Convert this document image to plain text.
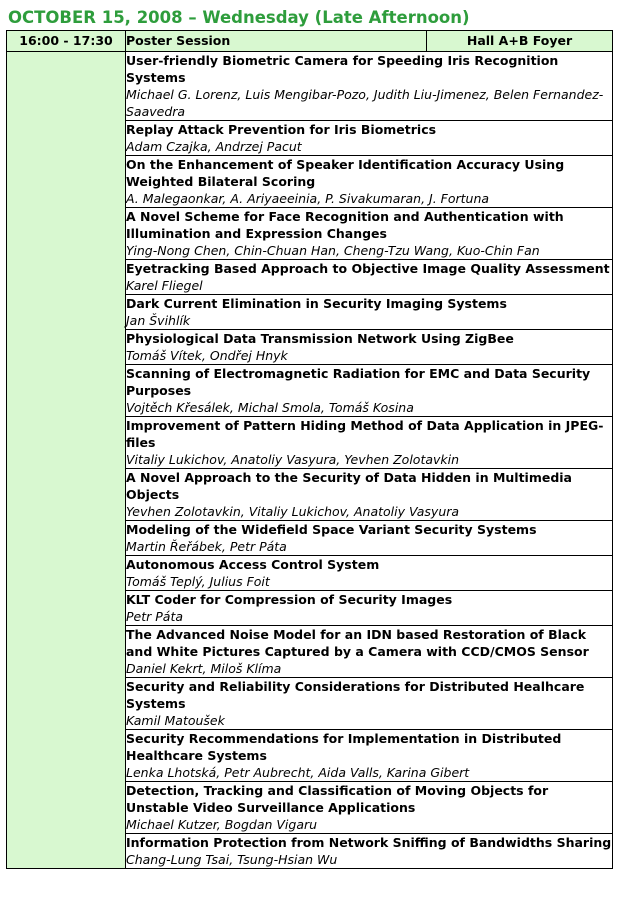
OCTOBER 15, 2008 – Wednesday (Late Afternoon)
16:00 - 17:30	Poster Session	Hall A+B Foyer

	User-friendly Biometric Camera for Speeding Iris Recognition Systems
Michael G. Lorenz, Luis Mengibar-Pozo, Judith Liu-Jimenez, Belen Fernandez-Saavedra	

	Replay Attack Prevention for Iris Biometrics
Adam Czajka, Andrzej Pacut	

	On the Enhancement of Speaker Identification Accuracy Using Weighted Bilateral Scoring
A. Malegaonkar, A. Ariyaeeinia, P. Sivakumaran, J. Fortuna	

	A Novel Scheme for Face Recognition and Authentication with Illumination and Expression Changes
Ying-Nong Chen, Chin-Chuan Han, Cheng-Tzu Wang, Kuo-Chin Fan	

	Eyetracking Based Approach to Objective Image Quality Assessment
Karel Fliegel	

	Dark Current Elimination in Security Imaging Systems
Jan Švihlík	

	Physiological Data Transmission Network Using ZigBee
Tomáš Vítek, Ondřej Hnyk	

	Scanning of Electromagnetic Radiation for EMC and Data Security Purposes
Vojtěch Křesálek, Michal Smola, Tomáš Kosina	

	Improvement of Pattern Hiding Method of Data Application in JPEG-files
Vitaliy Lukichov, Anatoliy Vasyura, Yevhen Zolotavkin	

	A Novel Approach to the Security of Data Hidden in Multimedia Objects
Yevhen Zolotavkin, Vitaliy Lukichov, Anatoliy Vasyura	

	Modeling of the Widefield Space Variant Security Systems
Martin Řeřábek, Petr Páta	

	Autonomous Access Control System
Tomáš Teplý, Julius Foit	

	KLT Coder for Compression of Security Images
Petr Páta	

	The Advanced Noise Model for an IDN based Restoration of Black and White Pictures Captured by a Camera with CCD/CMOS Sensor
Daniel Kekrt, Miloš Klíma	

	Security and Reliability Considerations for Distributed Healhcare Systems
Kamil Matoušek	

	Security Recommendations for Implementation in Distributed Healthcare Systems
Lenka Lhotská, Petr Aubrecht, Aida Valls, Karina Gibert	

	Detection, Tracking and Classification of Moving Objects for Unstable Video Surveillance Applications
Michael Kutzer, Bogdan Vigaru	

	Information Protection from Network Sniffing of Bandwidths Sharing
Chang-Lung Tsai, Tsung-Hsian Wu	
